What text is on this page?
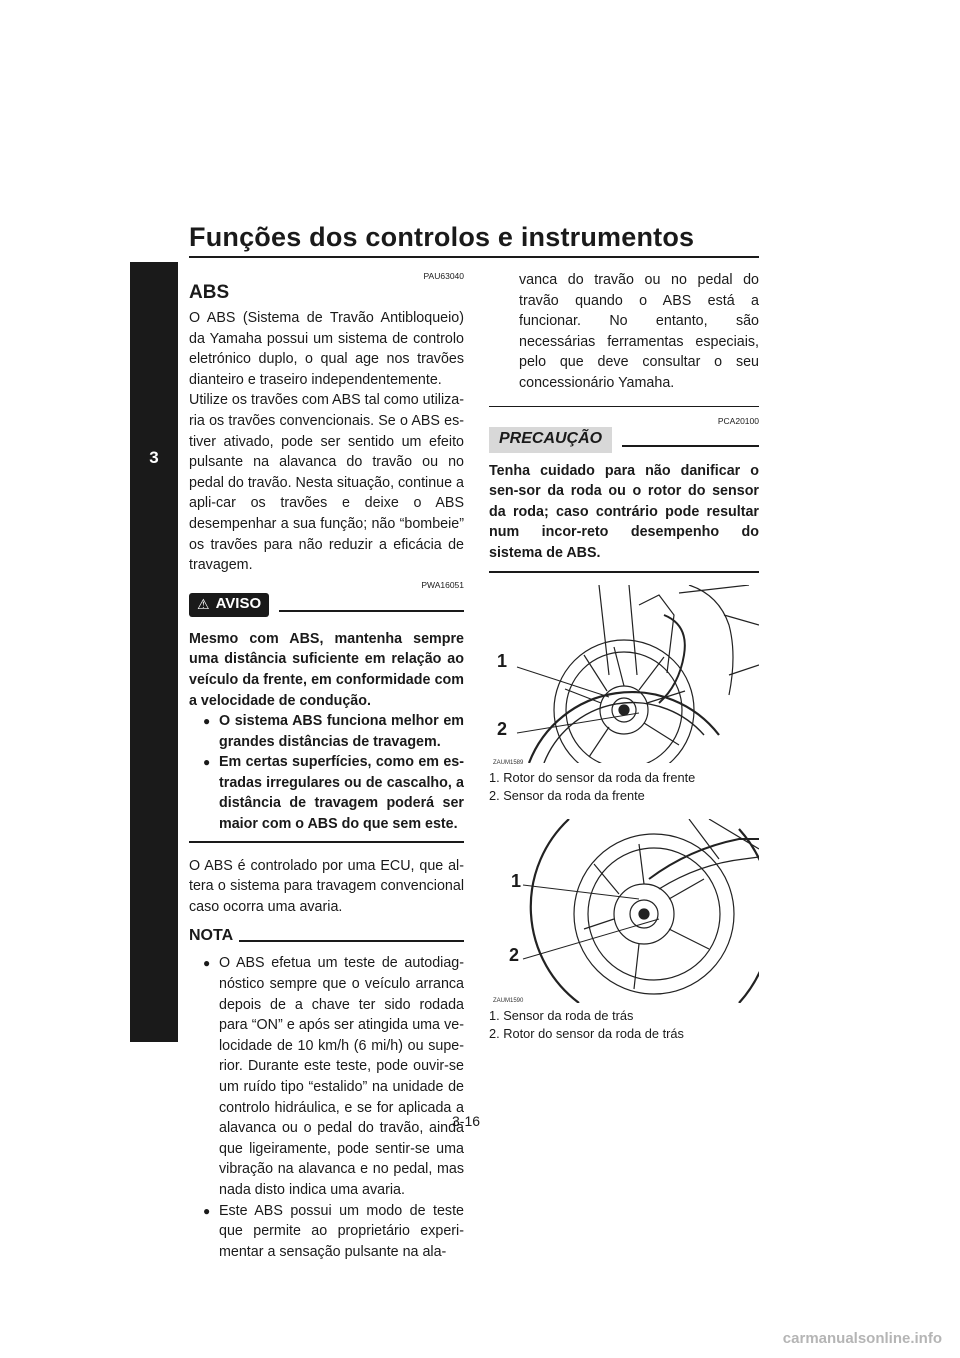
Funções dos controlos e instrumentos
3
PAU63040
ABS

O ABS (Sistema de Travão Antibloqueio) da Yamaha possui um sistema de controlo eletrónico duplo, o qual age nos travões dianteiro e traseiro independentemente.

Utilize os travões com ABS tal como utiliza-ria os travões convencionais. Se o ABS es-tiver ativado, pode ser sentido um efeito pulsante na alavanca do travão ou no pedal do travão. Nesta situação, continue a apli-car os travões e deixe o ABS desempenhar a sua função; não “bombeie” os travões para não reduzir a eficácia de travagem.

PWA16051
⚠ AVISO

Mesmo com ABS, mantenha sempre uma distância suficiente em relação ao veículo da frente, em conformidade com a velocidade de condução.

● O sistema ABS funciona melhor em grandes distâncias de travagem.
● Em certas superfícies, como em es-tradas irregulares ou de cascalho, a distância de travagem poderá ser maior com o ABS do que sem este.

O ABS é controlado por uma ECU, que al-tera o sistema para travagem convencional caso ocorra uma avaria.

NOTA
● O ABS efetua um teste de autodiag-nóstico sempre que o veículo arranca depois de a chave ter sido rodada para “ON” e após ser atingida uma ve-locidade de 10 km/h (6 mi/h) ou supe-rior. Durante este teste, pode ouvir-se um ruído tipo “estalido” na unidade de controlo hidráulica, e se for aplicada a alavanca ou o pedal do travão, ainda que ligeiramente, pode sentir-se uma vibração na alavanca e no pedal, mas nada disto indica uma avaria.
● Este ABS possui um modo de teste que permite ao proprietário experi-mentar a sensação pulsante na ala-
vanca do travão ou no pedal do travão quando o ABS está a funcionar. No entanto, são necessárias ferramentas especiais, pelo que deve consultar o seu concessionário Yamaha.
PCA20100
PRECAUÇÃO

Tenha cuidado para não danificar o sen-sor da roda ou o rotor do sensor da roda; caso contrário pode resultar num incor-reto desempenho do sistema de ABS.

1
2
ZAUM1589

1. Rotor do sensor da roda da frente

2. Sensor da roda da frente

1
2
ZAUM1590

1. Sensor da roda de trás

2. Rotor do sensor da roda de trás

3-16
carmanualsonline.info
